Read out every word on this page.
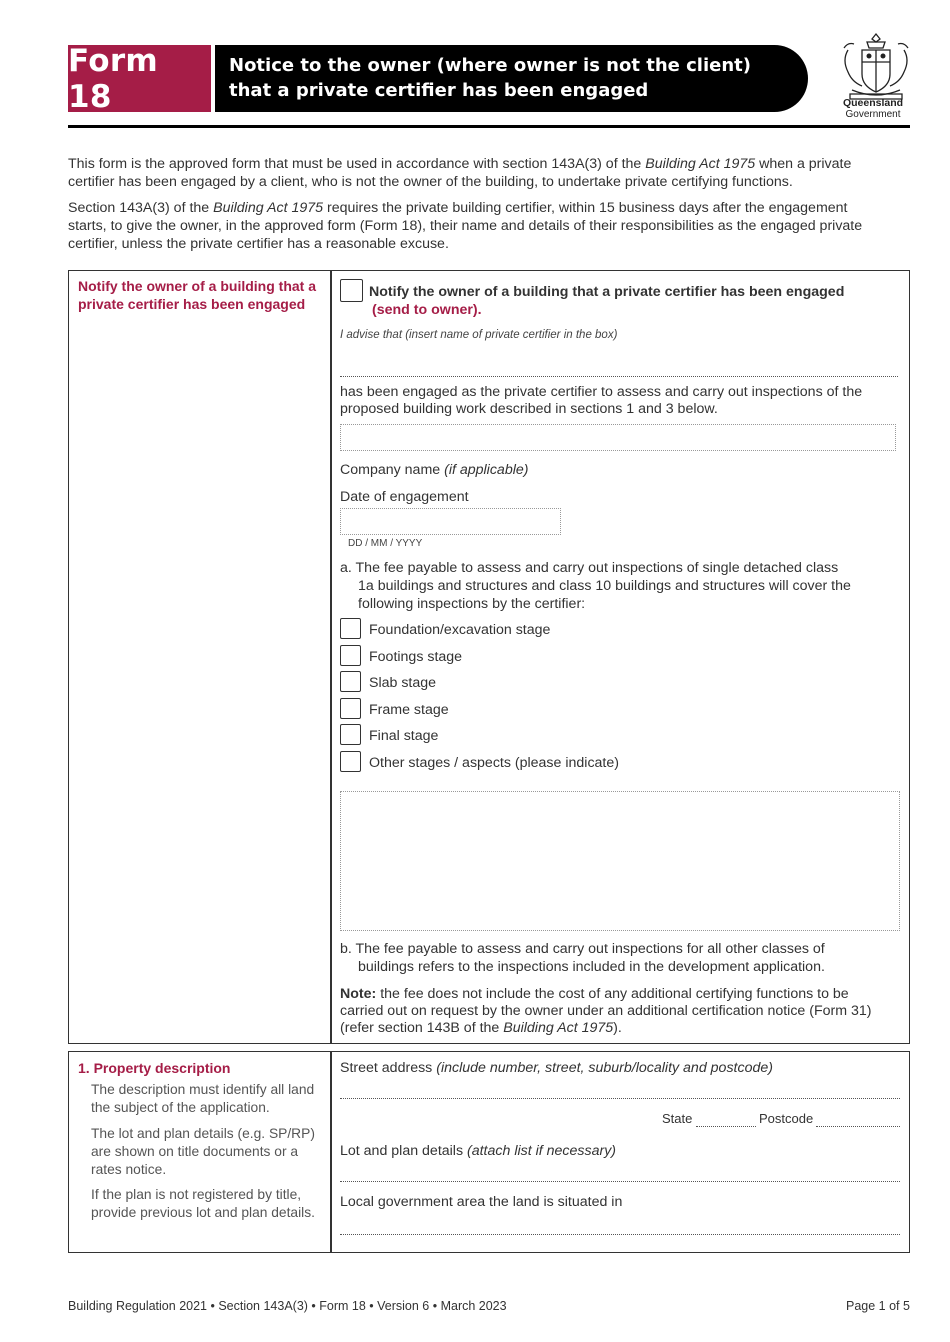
Form 18
Notice to the owner (where owner is not the client)
that a private certifier has been engaged
Queensland
Government

This form is the approved form that must be used in accordance with section 143A(3) of the Building Act 1975 when a private

certifier has been engaged by a client, who is not the owner of the building, to undertake private certifying functions.

Section 143A(3) of the Building Act 1975 requires the private building certifier, within 15 business days after the engagement

starts, to give the owner, in the approved form (Form 18), their name and details of their responsibilities as the engaged private

certifier, unless the private certifier has a reasonable excuse.

Notify the owner of a building that a
private certifier has been engaged
Notify the owner of a building that a private certifier has been engaged
(send to owner).
I advise that (insert name of private certifier in the box)
has been engaged as the private certifier to assess and carry out inspections of the
proposed building work described in sections 1 and 3 below.
Company name (if applicable)
Date of engagement
DD / MM / YYYY
a. The fee payable to assess and carry out inspections of single detached class
1a buildings and structures and class 10 buildings and structures will cover the
following inspections by the certifier:
Foundation/excavation stage
Footings stage
Slab stage
Frame stage
Final stage
Other stages / aspects (please indicate)
b. The fee payable to assess and carry out inspections for all other classes of
buildings refers to the inspections included in the development application.
Note: the fee does not include the cost of any additional certifying functions to be
carried out on request by the owner under an additional certification notice (Form 31)
(refer section 143B of the Building Act 1975).
1. Property description
The description must identify all land
the subject of the application.
The lot and plan details (e.g. SP/RP)
are shown on title documents or a
rates notice.
If the plan is not registered by title,
provide previous lot and plan details.
Street address (include number, street, suburb/locality and postcode)
State	Postcode
Lot and plan details (attach list if necessary)
Local government area the land is situated in
Building Regulation 2021 • Section 143A(3) • Form 18 • Version 6 • March 2023	Page 1 of 5
